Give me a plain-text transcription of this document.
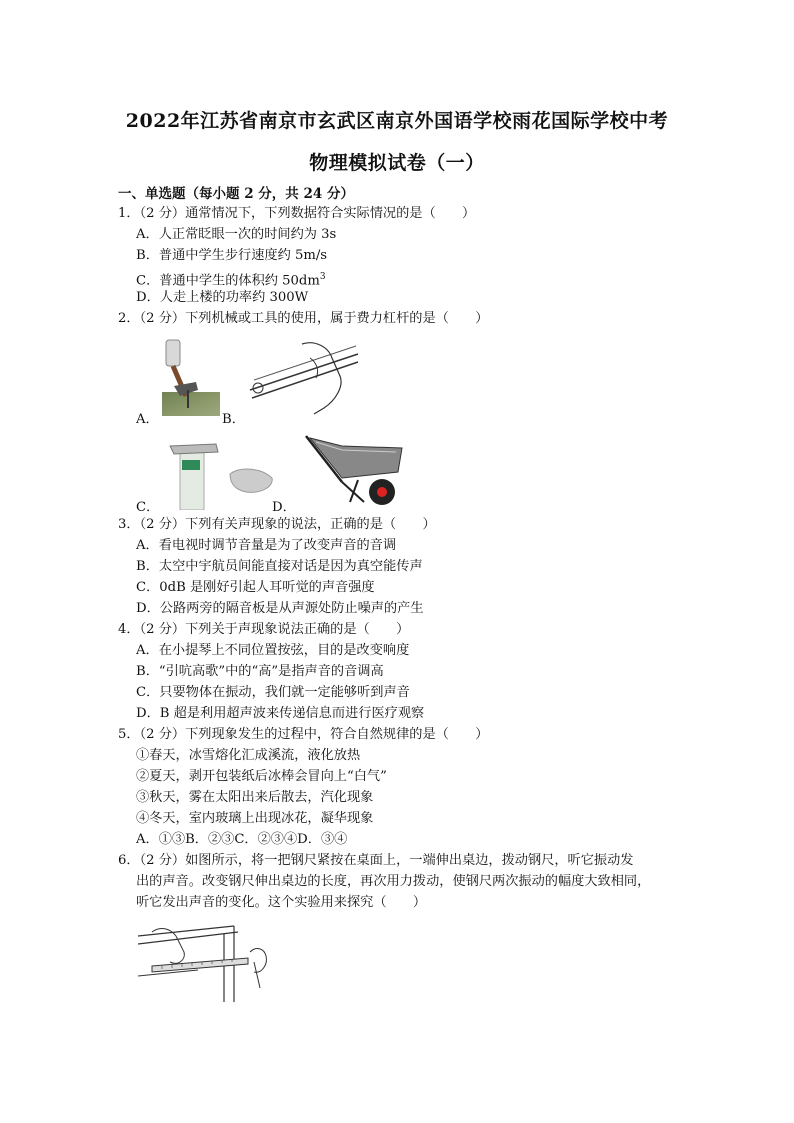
2022年江苏省南京市玄武区南京外国语学校雨花国际学校中考
物理模拟试卷（一）
一、单选题（每小题 2 分，共 24 分）
1．（2 分）通常情况下，下列数据符合实际情况的是（　　）
A．人正常眨眼一次的时间约为 3s
B．普通中学生步行速度约 5m/s
C．普通中学生的体积约 $50dm^3$
D．人走上楼的功率约 300W
2．（2 分）下列机械或工具的使用，属于费力杠杆的是（　　）
A．	B．
C．	D．
3．（2 分）下列有关声现象的说法，正确的是（　　）
A．看电视时调节音量是为了改变声音的音调
B．太空中宇航员间能直接对话是因为真空能传声
C．0dB 是刚好引起人耳听觉的声音强度
D．公路两旁的隔音板是从声源处防止噪声的产生
4．（2 分）下列关于声现象说法正确的是（　　）
A．在小提琴上不同位置按弦，目的是改变响度
B．“引吭高歌”中的“高”是指声音的音调高
C．只要物体在振动，我们就一定能够听到声音
D．B 超是利用超声波来传递信息而进行医疗观察
5．（2 分）下列现象发生的过程中，符合自然规律的是（　　）
①春天，冰雪熔化汇成溪流，液化放热
②夏天，剥开包装纸后冰棒会冒向上“白气”
③秋天，雾在太阳出来后散去，汽化现象
④冬天，室内玻璃上出现冰花，凝华现象
A．①③B．②③C．②③④D．③④
6．（2 分）如图所示，将一把钢尺紧按在桌面上，一端伸出桌边，拨动钢尺，听它振动发
出的声音。改变钢尺伸出桌边的长度，再次用力拨动，使钢尺两次振动的幅度大致相同，
听它发出声音的变化。这个实验用来探究（　　）
